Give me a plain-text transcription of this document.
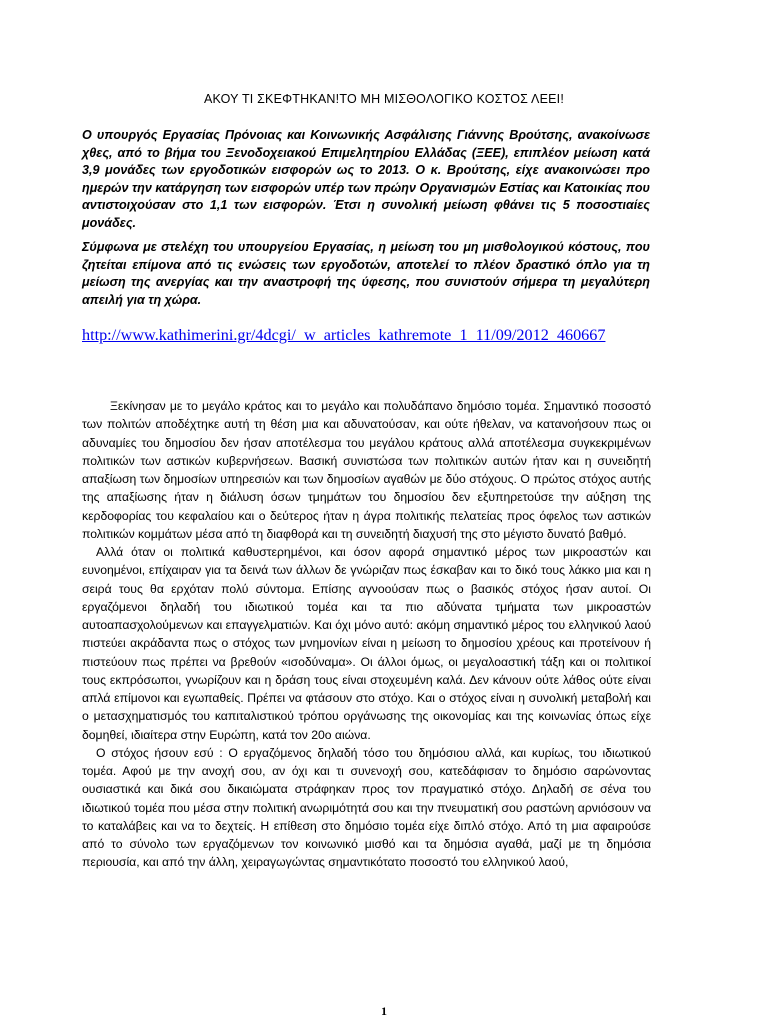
ΑΚΟΥ ΤΙ ΣΚΕΦΤΗΚΑΝ!ΤΟ ΜΗ ΜΙΣΘΟΛΟΓΙΚΟ ΚΟΣΤΟΣ ΛΕΕΙ!

Ο υπουργός Εργασίας Πρόνοιας και Κοινωνικής Ασφάλισης Γιάννης Βρούτσης, ανακοίνωσε χθες, από το βήμα του Ξενοδοχειακού Επιμελητηρίου Ελλάδας (ΞΕΕ), επιπλέον μείωση κατά 3,9 μονάδες των εργοδοτικών εισφορών ως το 2013. Ο κ. Βρούτσης, είχε ανακοινώσει προ ημερών την κατάργηση των εισφορών υπέρ των πρώην Οργανισμών Εστίας και Κατοικίας που αντιστοιχούσαν στο 1,1 των εισφορών. Έτσι η συνολική μείωση φθάνει τις 5 ποσοστιαίες μονάδες.

Σύμφωνα με στελέχη του υπουργείου Εργασίας, η μείωση του μη μισθολογικού κόστους, που ζητείται επίμονα από τις ενώσεις των εργοδοτών, αποτελεί το πλέον δραστικό όπλο για τη μείωση της ανεργίας και την αναστροφή της ύφεσης, που συνιστούν σήμερα τη μεγαλύτερη απειλή για τη χώρα.

http://www.kathimerini.gr/4dcgi/_w_articles_kathremote_1_11/09/2012_460667

Ξεκίνησαν με το μεγάλο κράτος και το μεγάλο και πολυδάπανο δημόσιο τομέα. Σημαντικό ποσοστό των πολιτών αποδέχτηκε αυτή τη θέση μια και αδυνατούσαν, και ούτε ήθελαν, να κατανοήσουν πως οι αδυναμίες του δημοσίου δεν ήσαν αποτέλεσμα του μεγάλου κράτους αλλά αποτέλεσμα συγκεκριμένων πολιτικών των αστικών κυβερνήσεων. Βασική συνιστώσα των πολιτικών αυτών ήταν και η συνειδητή απαξίωση των δημοσίων υπηρεσιών και των δημοσίων αγαθών με δύο στόχους. Ο πρώτος στόχος αυτής της απαξίωσης ήταν η διάλυση όσων τμημάτων του δημοσίου δεν εξυπηρετούσε την αύξηση της κερδοφορίας του κεφαλαίου και ο δεύτερος ήταν η άγρα πολιτικής πελατείας προς όφελος των αστικών πολιτικών κομμάτων μέσα από τη διαφθορά και τη συνειδητή διαχυσή της στο μέγιστο δυνατό βαθμό.

Αλλά όταν οι πολιτικά καθυστερημένοι, και όσον αφορά σημαντικό μέρος των μικροαστών και ευνοημένοι, επίχαιραν για τα δεινά των άλλων δε γνώριζαν πως έσκαβαν και το δικό τους λάκκο μια και η σειρά τους θα ερχόταν πολύ σύντομα. Επίσης αγνοούσαν πως ο βασικός στόχος ήσαν αυτοί. Οι εργαζόμενοι δηλαδή του ιδιωτικού τομέα και τα πιο αδύνατα τμήματα των μικροαστών αυτοαπασχολούμενων και επαγγελματιών. Και όχι μόνο αυτό: ακόμη σημαντικό μέρος του ελληνικού λαού πιστεύει ακράδαντα πως ο στόχος των μνημονίων είναι η μείωση το δημοσίου χρέους και προτείνουν ή πιστεύουν πως πρέπει να βρεθούν «ισοδύναμα». Οι άλλοι όμως, οι μεγαλοαστική τάξη και οι πολιτικοί τους εκπρόσωποι, γνωρίζουν και η δράση τους είναι στοχευμένη καλά. Δεν κάνουν ούτε λάθος ούτε είναι απλά επίμονοι και εγωπαθείς. Πρέπει να φτάσουν στο στόχο. Και ο στόχος είναι η συνολική μεταβολή και ο μετασχηματισμός του καπιταλιστικού τρόπου οργάνωσης της οικονομίας και της κοινωνίας όπως είχε δομηθεί, ιδιαίτερα στην Ευρώπη, κατά τον 20ο αιώνα.

Ο στόχος ήσουν εσύ : Ο εργαζόμενος δηλαδή τόσο του δημόσιου αλλά, και κυρίως, του ιδιωτικού τομέα. Αφού με την ανοχή σου, αν όχι και τι συνενοχή σου, κατεδάφισαν το δημόσιο σαρώνοντας ουσιαστικά και δικά σου δικαιώματα στράφηκαν προς τον πραγματικό στόχο. Δηλαδή σε σένα του ιδιωτικού τομέα που μέσα στην πολιτική ανωριμότητά σου και την πνευματική σου ραστώνη αρνιόσουν να το καταλάβεις και να το δεχτείς. Η επίθεση στο δημόσιο τομέα είχε διπλό στόχο. Από τη μια αφαιρούσε από το σύνολο των εργαζόμενων τον κοινωνικό μισθό και τα δημόσια αγαθά, μαζί με τη δημόσια περιουσία, και από την άλλη, χειραγωγώντας σημαντικότατο ποσοστό του ελληνικού λαού,

1
